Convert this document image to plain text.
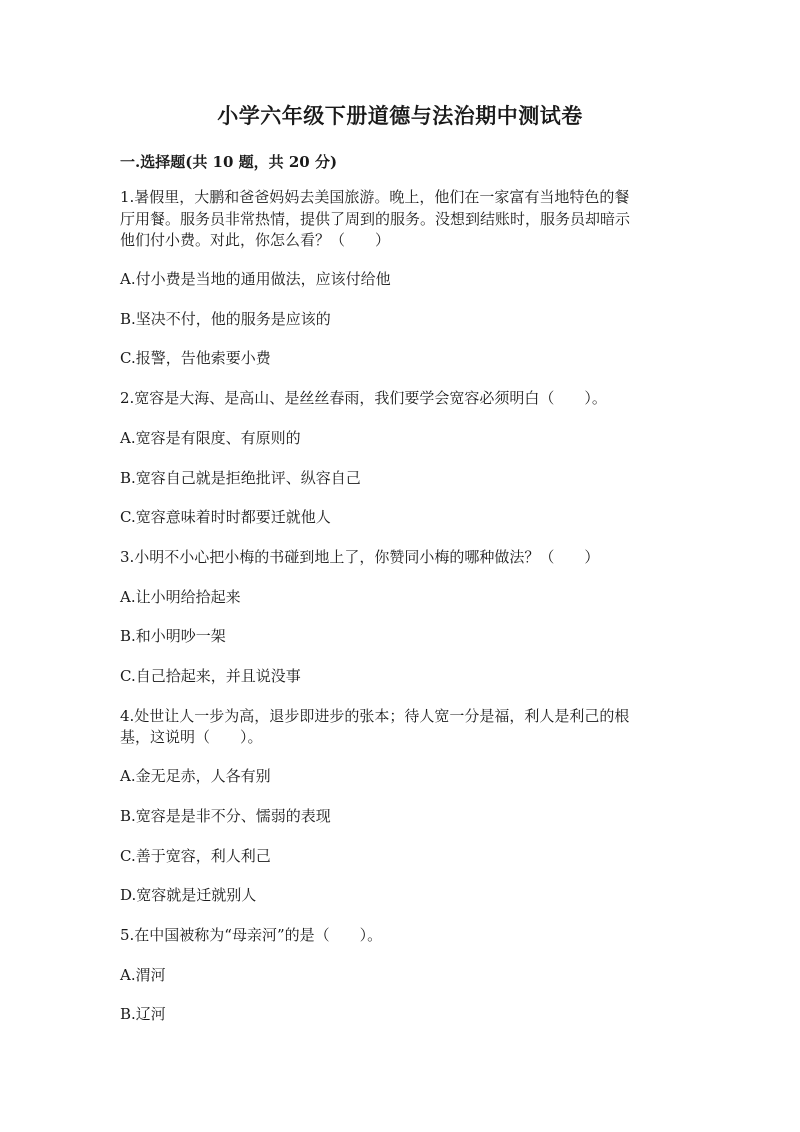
小学六年级下册道德与法治期中测试卷
一.选择题(共 10 题，共 20 分)
1.暑假里，大鹏和爸爸妈妈去美国旅游。晚上，他们在一家富有当地特色的餐
厅用餐。服务员非常热情，提供了周到的服务。没想到结账时，服务员却暗示
他们付小费。对此，你怎么看？（　　）
A.付小费是当地的通用做法，应该付给他
B.坚决不付，他的服务是应该的
C.报警，告他索要小费
2.宽容是大海、是高山、是丝丝春雨，我们要学会宽容必须明白（　　）。
A.宽容是有限度、有原则的
B.宽容自己就是拒绝批评、纵容自己
C.宽容意味着时时都要迁就他人
3.小明不小心把小梅的书碰到地上了，你赞同小梅的哪种做法？（　　）
A.让小明给拾起来
B.和小明吵一架
C.自己拾起来，并且说没事
4.处世让人一步为高，退步即进步的张本；待人宽一分是福，利人是利己的根
基，这说明（　　）。
A.金无足赤，人各有别
B.宽容是是非不分、懦弱的表现
C.善于宽容，利人利己
D.宽容就是迁就别人
5.在中国被称为“母亲河”的是（　　）。
A.渭河
B.辽河
